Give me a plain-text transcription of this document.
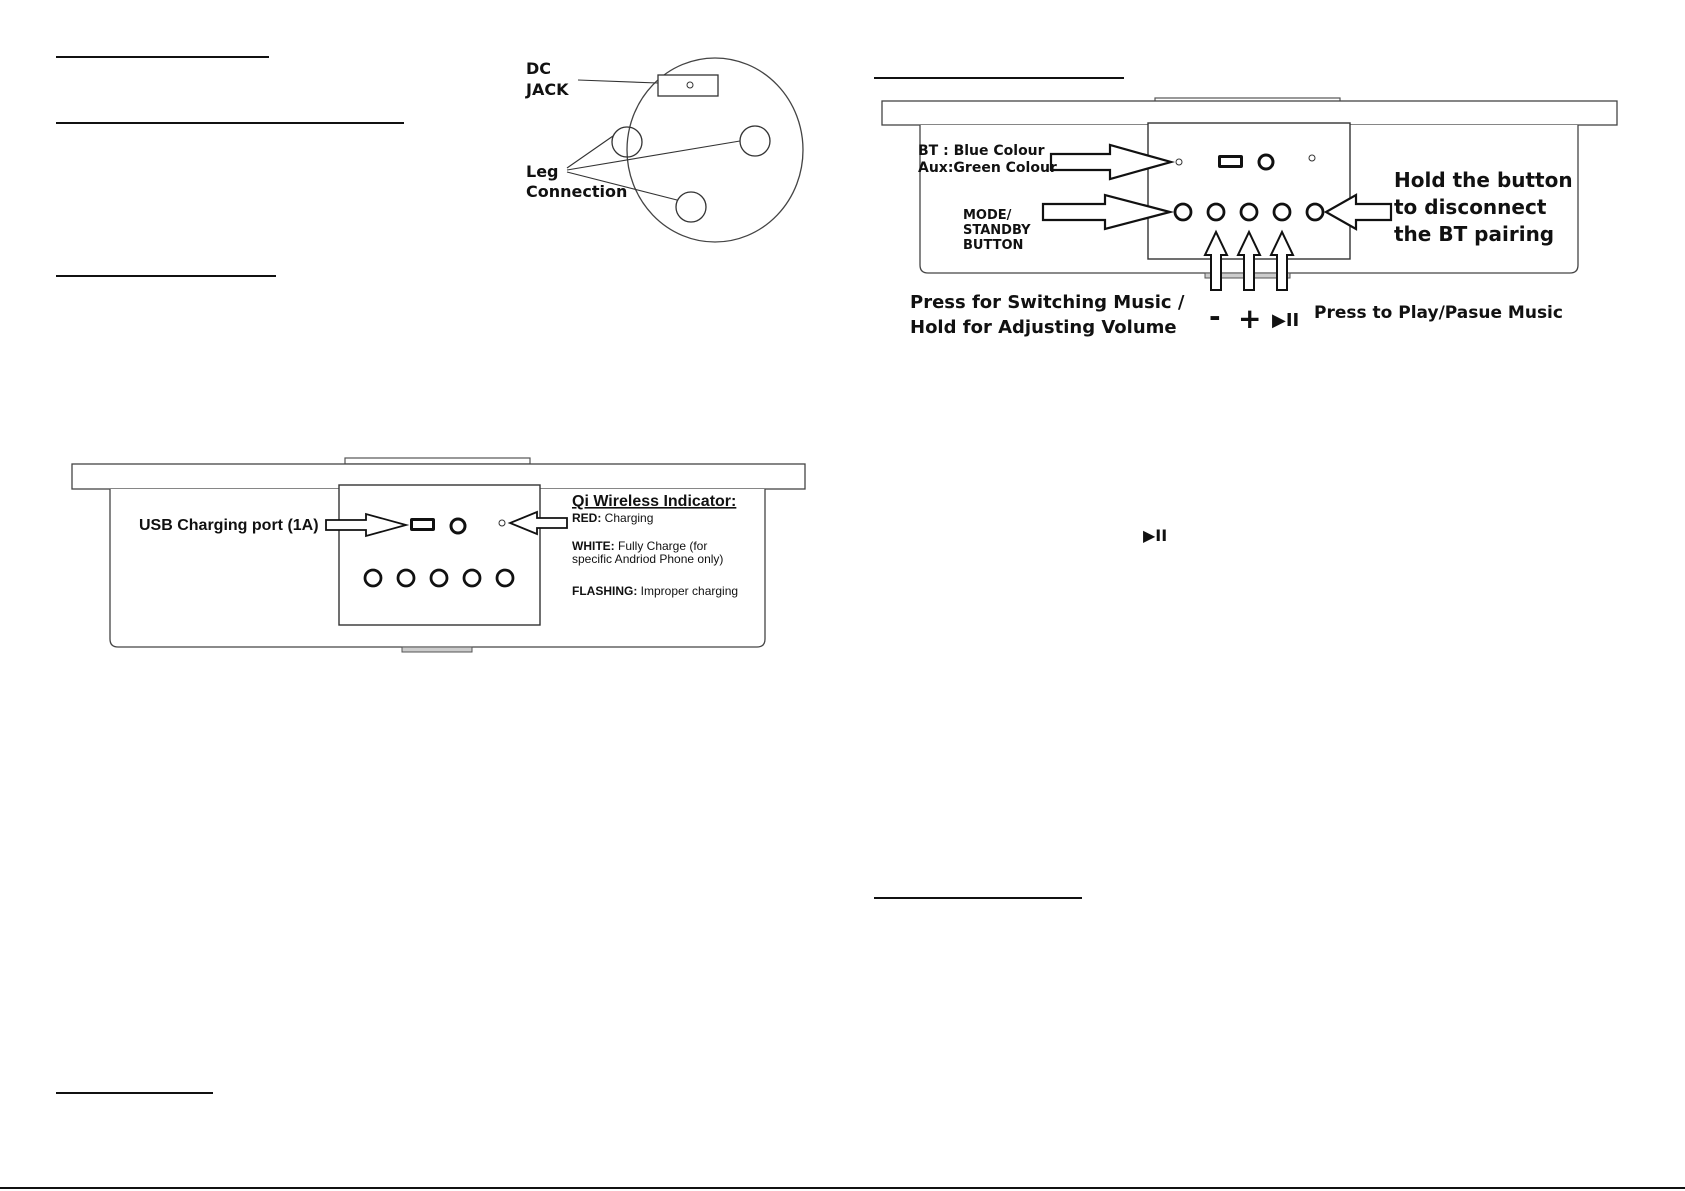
DC
JACK
Leg
Connection
USB Charging port (1A)
Qi Wireless Indicator:
RED: Charging
WHITE: Fully Charge (for
specific Andriod Phone only)
FLASHING: Improper charging
BT : Blue Colour
Aux:Green Colour
MODE/
STANDBY
BUTTON
Hold the button
to disconnect
the BT pairing
Press for Switching Music /
Hold for Adjusting Volume - + ▶II Press to Play/Pasue Music
▶II
